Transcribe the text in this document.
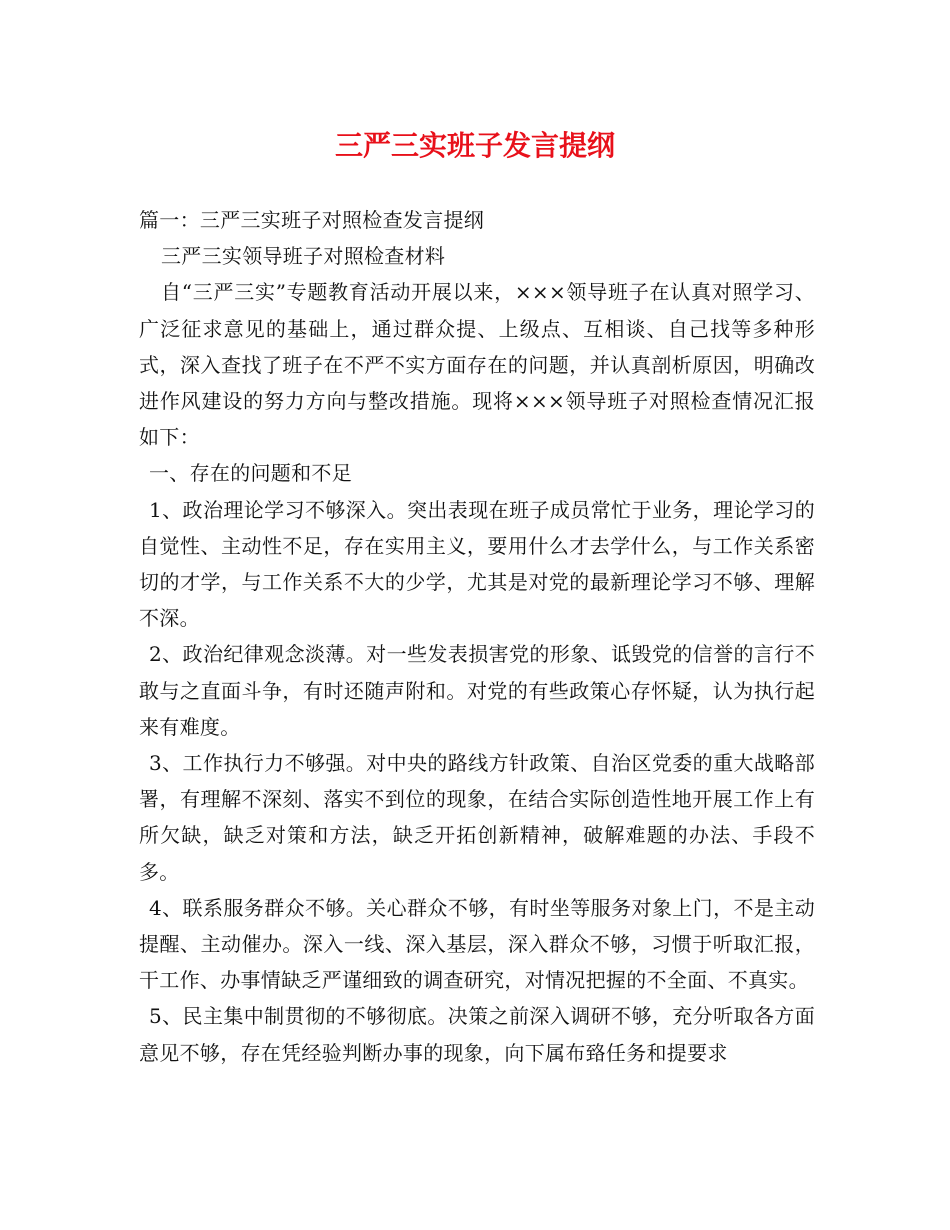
三严三实班子发言提纲

篇一：三严三实班子对照检查发言提纲

三严三实领导班子对照检查材料

自“三严三实”专题教育活动开展以来，×××领导班子在认真对照学习、广泛征求意见的基础上，通过群众提、上级点、互相谈、自己找等多种形式，深入查找了班子在不严不实方面存在的问题，并认真剖析原因，明确改进作风建设的努力方向与整改措施。现将×××领导班子对照检查情况汇报如下：

一、存在的问题和不足

1、政治理论学习不够深入。突出表现在班子成员常忙于业务，理论学习的自觉性、主动性不足，存在实用主义，要用什么才去学什么，与工作关系密切的才学，与工作关系不大的少学，尤其是对党的最新理论学习不够、理解不深。

2、政治纪律观念淡薄。对一些发表损害党的形象、诋毁党的信誉的言行不敢与之直面斗争，有时还随声附和。对党的有些政策心存怀疑，认为执行起来有难度。

3、工作执行力不够强。对中央的路线方针政策、自治区党委的重大战略部署，有理解不深刻、落实不到位的现象，在结合实际创造性地开展工作上有所欠缺，缺乏对策和方法，缺乏开拓创新精神，破解难题的办法、手段不多。

4、联系服务群众不够。关心群众不够，有时坐等服务对象上门，不是主动提醒、主动催办。深入一线、深入基层，深入群众不够，习惯于听取汇报，干工作、办事情缺乏严谨细致的调查研究，对情况把握的不全面、不真实。

5、民主集中制贯彻的不够彻底。决策之前深入调研不够，充分听取各方面意见不够，存在凭经验判断办事的现象，向下属布臵任务和提要求
